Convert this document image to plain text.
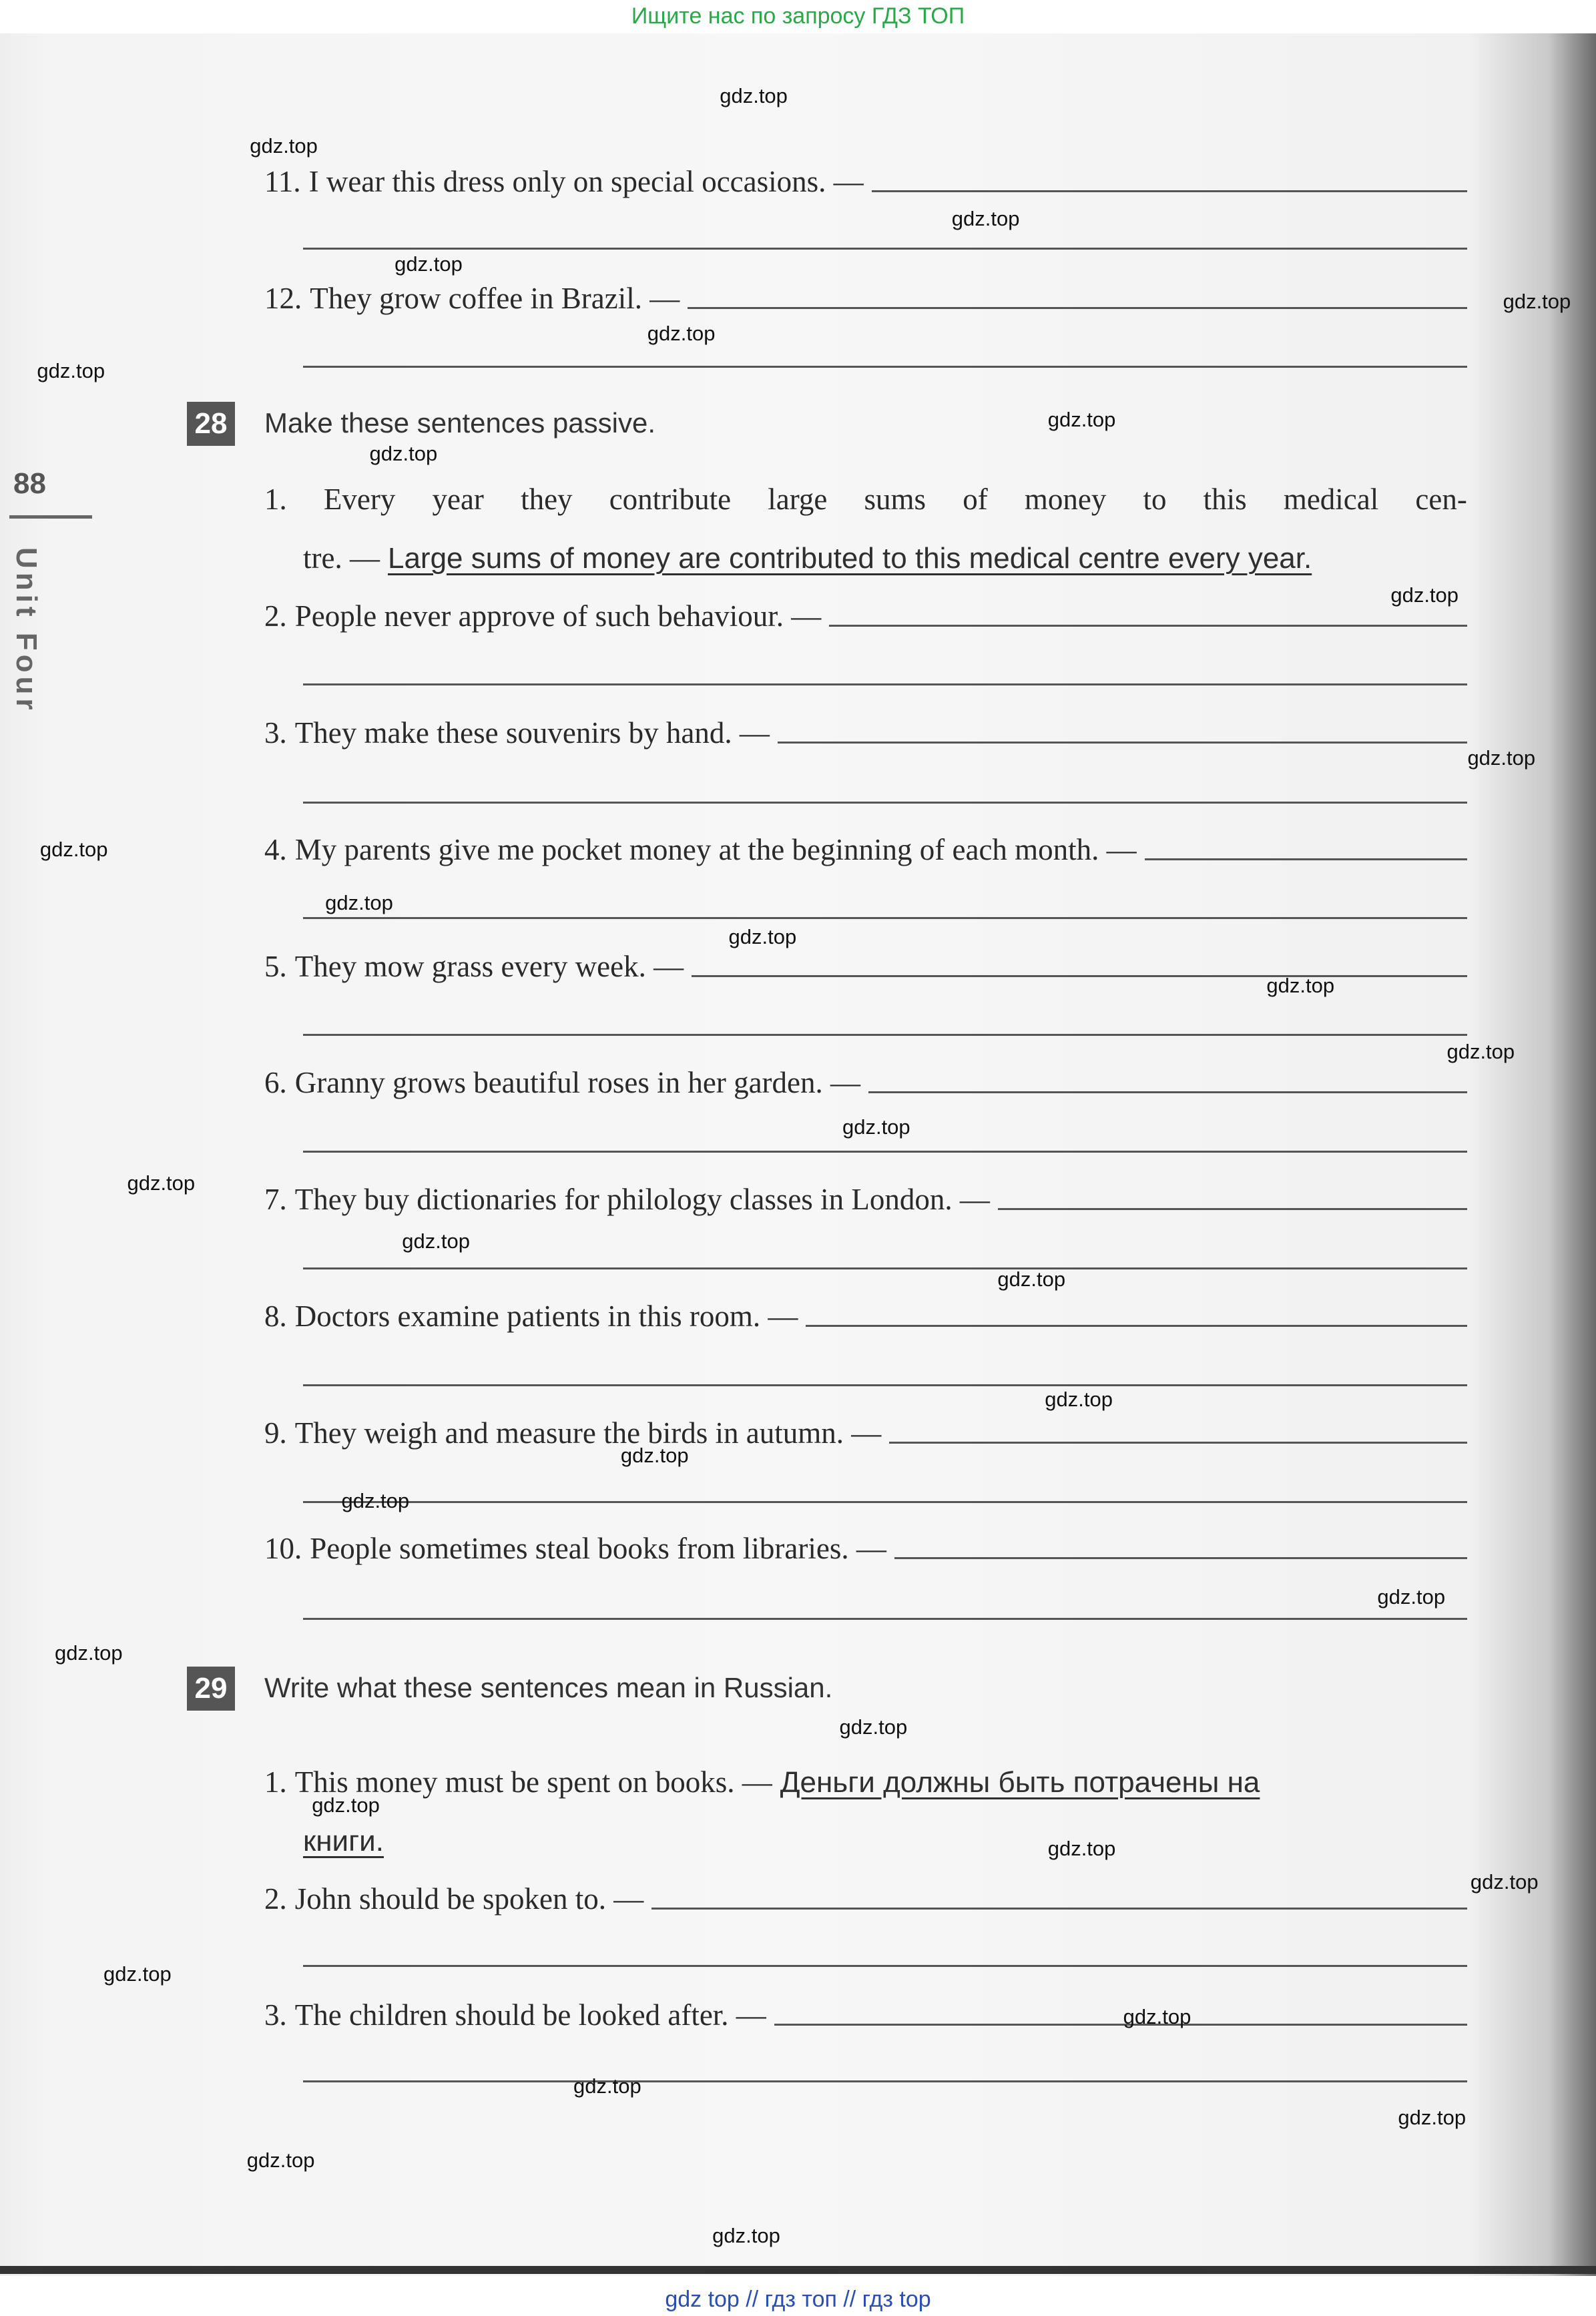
Ищите нас по запросу ГДЗ ТОП
gdz top // гдз топ // гдз top
88
Unit Four
28 Make these sentences passive.
29 Write what these sentences mean in Russian.
11. I wear this dress only on special occasions. —
12. They grow coffee in Brazil. —
1. Every year they contribute large sums of money to this medical cen-
tre. — Large sums of money are contributed to this medical centre every year.
2. People never approve of such behaviour. —
3. They make these souvenirs by hand. —
4. My parents give me pocket money at the beginning of each month. —
5. They mow grass every week. —
6. Granny grows beautiful roses in her garden. —
7. They buy dictionaries for philology classes in London. —
8. Doctors examine patients in this room. —
9. They weigh and measure the birds in autumn. —
10. People sometimes steal books from libraries. —
1. This money must be spent on books. — Деньги должны быть потрачены на
книги.
2. John should be spoken to. —
3. The children should be looked after. —
gdz.top
gdz.top
gdz.top
gdz.top
gdz.top
gdz.top
gdz.top
gdz.top
gdz.top
gdz.top
gdz.top
gdz.top
gdz.top
gdz.top
gdz.top
gdz.top
gdz.top
gdz.top
gdz.top
gdz.top
gdz.top
gdz.top
gdz.top
gdz.top
gdz.top
gdz.top
gdz.top
gdz.top
gdz.top
gdz.top
gdz.top
gdz.top
gdz.top
gdz.top
gdz.top
